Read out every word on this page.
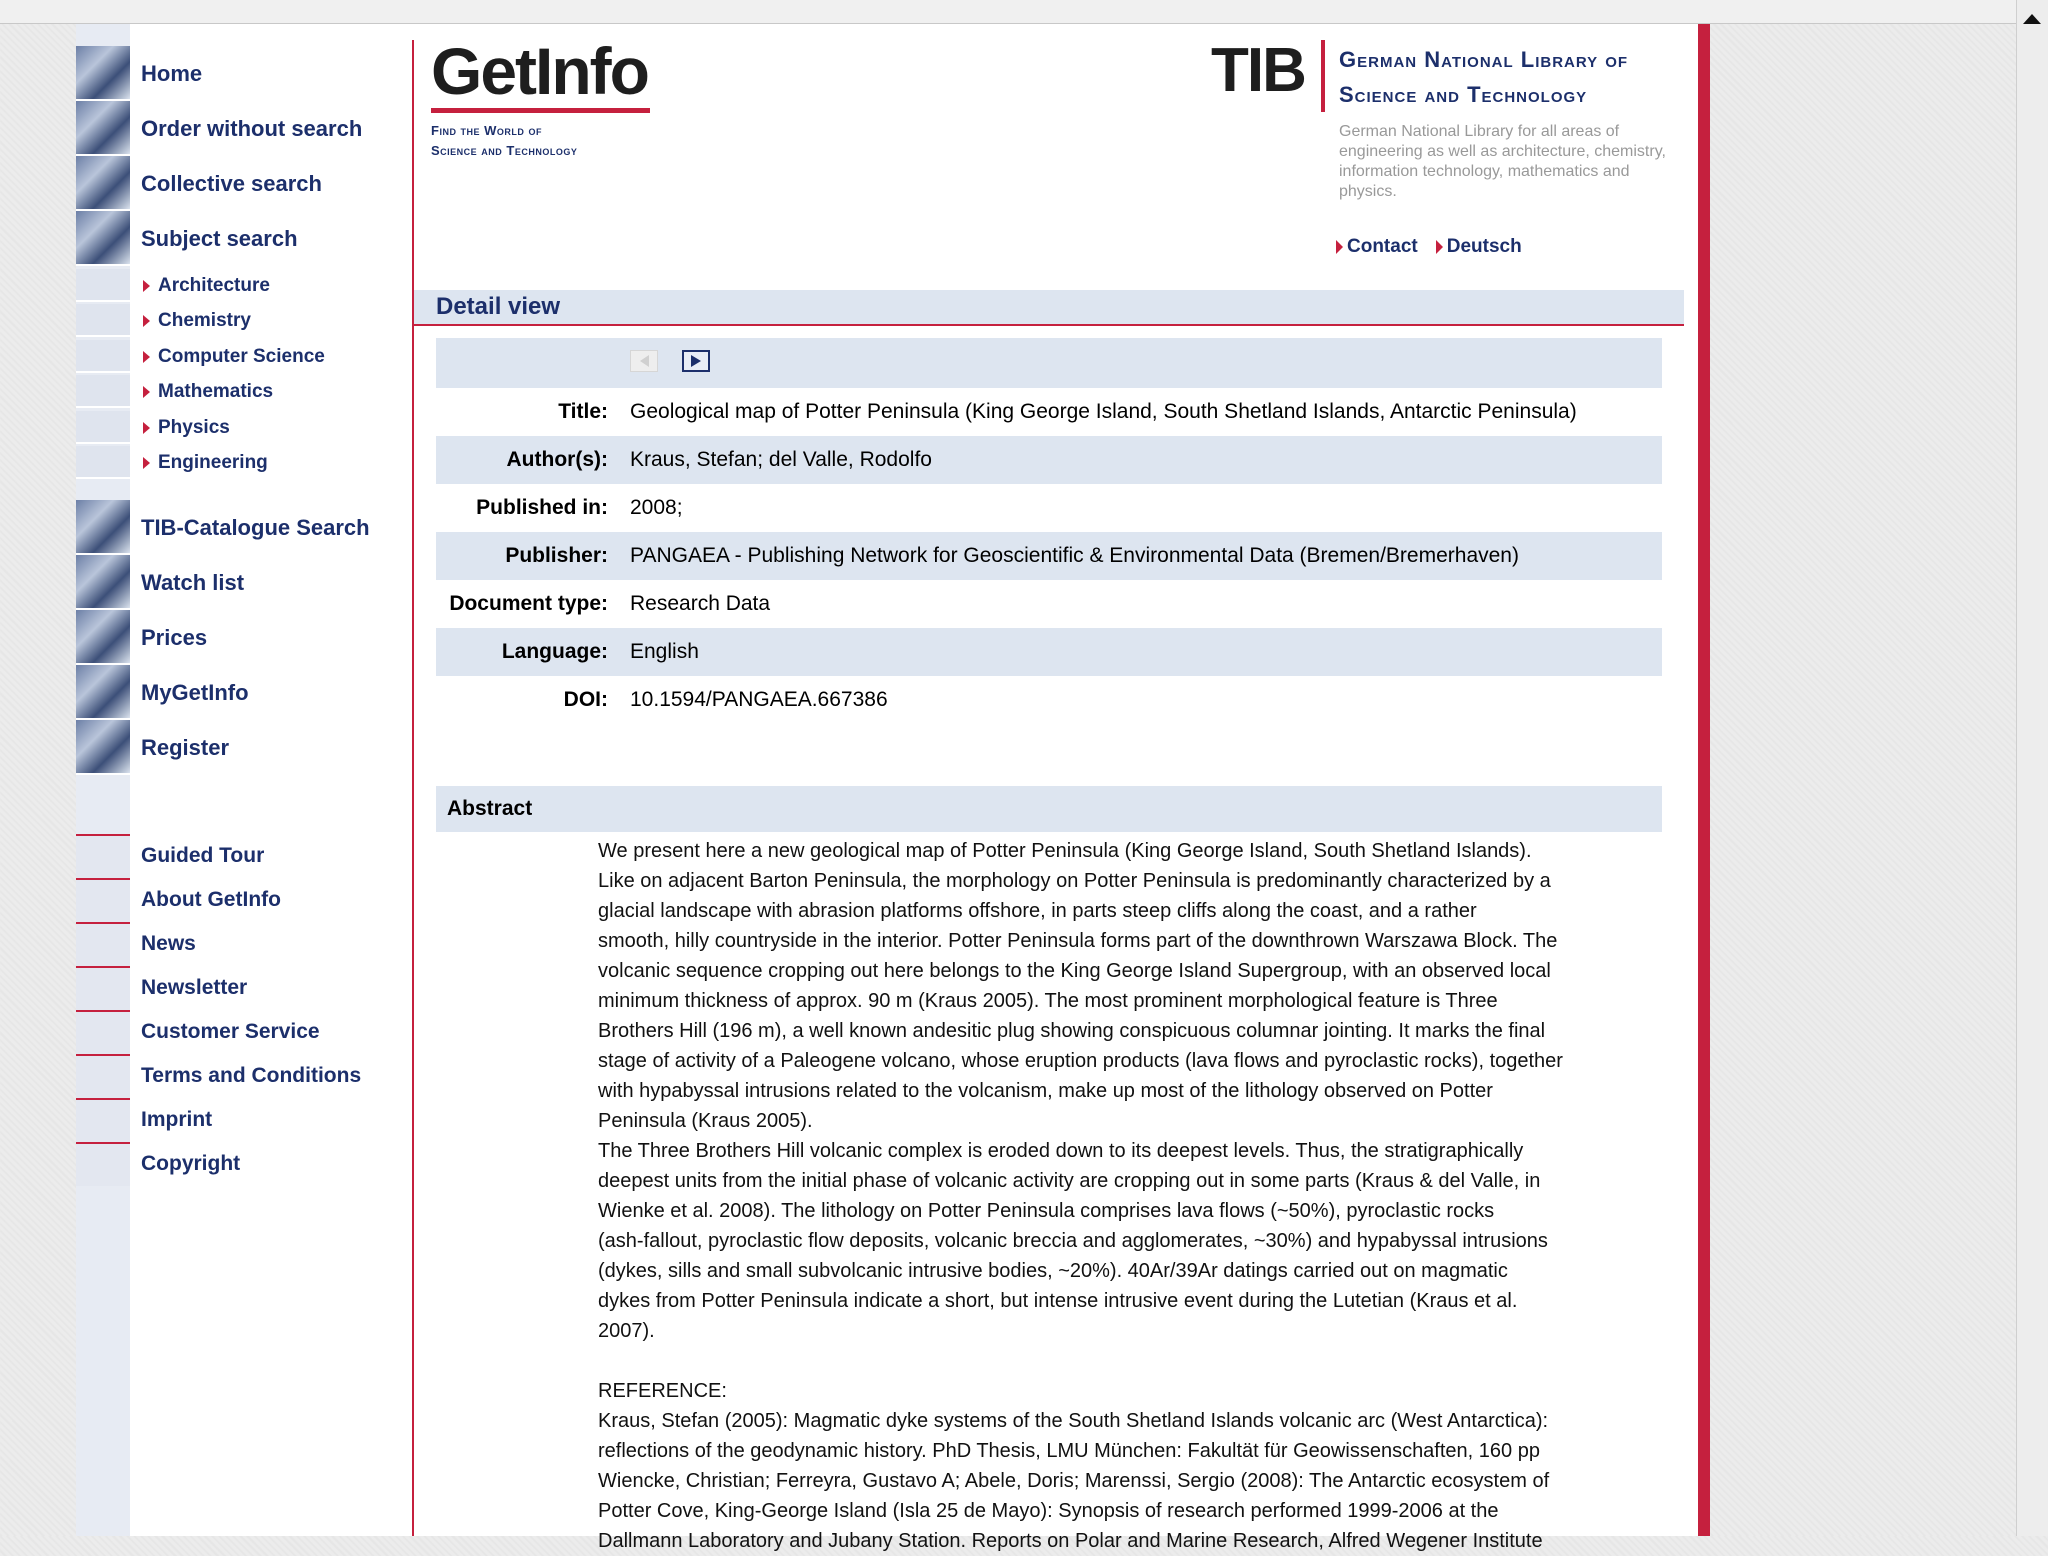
Home
Order without search
Collective search
Subject search
Architecture
Chemistry
Computer Science
Mathematics
Physics
Engineering
TIB-Catalogue Search
Watch list
Prices
MyGetInfo
Register
Guided Tour
About GetInfo
News
Newsletter
Customer Service
Terms and Conditions
Imprint
Copyright
GetInfo
Find the World of
Science and Technology
TIB German National Library of
Science and Technology
German National Library for all areas of engineering as well as architecture, chemistry, information technology, mathematics and physics.
Contact Deutsch
Detail view
Title: Geological map of Potter Peninsula (King George Island, South Shetland Islands, Antarctic Peninsula)
Author(s): Kraus, Stefan; del Valle, Rodolfo
Published in: 2008;
Publisher: PANGAEA - Publishing Network for Geoscientific & Environmental Data (Bremen/Bremerhaven)
Document type: Research Data
Language: English
DOI: 10.1594/PANGAEA.667386
Abstract

We present here a new geological map of Potter Peninsula (King George Island, South Shetland Islands).

Like on adjacent Barton Peninsula, the morphology on Potter Peninsula is predominantly characterized by a

glacial landscape with abrasion platforms offshore, in parts steep cliffs along the coast, and a rather

smooth, hilly countryside in the interior. Potter Peninsula forms part of the downthrown Warszawa Block. The

volcanic sequence cropping out here belongs to the King George Island Supergroup, with an observed local

minimum thickness of approx. 90 m (Kraus 2005). The most prominent morphological feature is Three

Brothers Hill (196 m), a well known andesitic plug showing conspicuous columnar jointing. It marks the final

stage of activity of a Paleogene volcano, whose eruption products (lava flows and pyroclastic rocks), together

with hypabyssal intrusions related to the volcanism, make up most of the lithology observed on Potter

Peninsula (Kraus 2005).

The Three Brothers Hill volcanic complex is eroded down to its deepest levels. Thus, the stratigraphically

deepest units from the initial phase of volcanic activity are cropping out in some parts (Kraus & del Valle, in

Wienke et al. 2008). The lithology on Potter Peninsula comprises lava flows (~50%), pyroclastic rocks

(ash-fallout, pyroclastic flow deposits, volcanic breccia and agglomerates, ~30%) and hypabyssal intrusions

(dykes, sills and small subvolcanic intrusive bodies, ~20%). 40Ar/39Ar datings carried out on magmatic

dykes from Potter Peninsula indicate a short, but intense intrusive event during the Lutetian (Kraus et al.

2007).

REFERENCE:

Kraus, Stefan (2005): Magmatic dyke systems of the South Shetland Islands volcanic arc (West Antarctica):

reflections of the geodynamic history. PhD Thesis, LMU München: Fakultät für Geowissenschaften, 160 pp

Wiencke, Christian; Ferreyra, Gustavo A; Abele, Doris; Marenssi, Sergio (2008): The Antarctic ecosystem of

Potter Cove, King-George Island (Isla 25 de Mayo): Synopsis of research performed 1999-2006 at the

Dallmann Laboratory and Jubany Station. Reports on Polar and Marine Research, Alfred Wegener Institute
